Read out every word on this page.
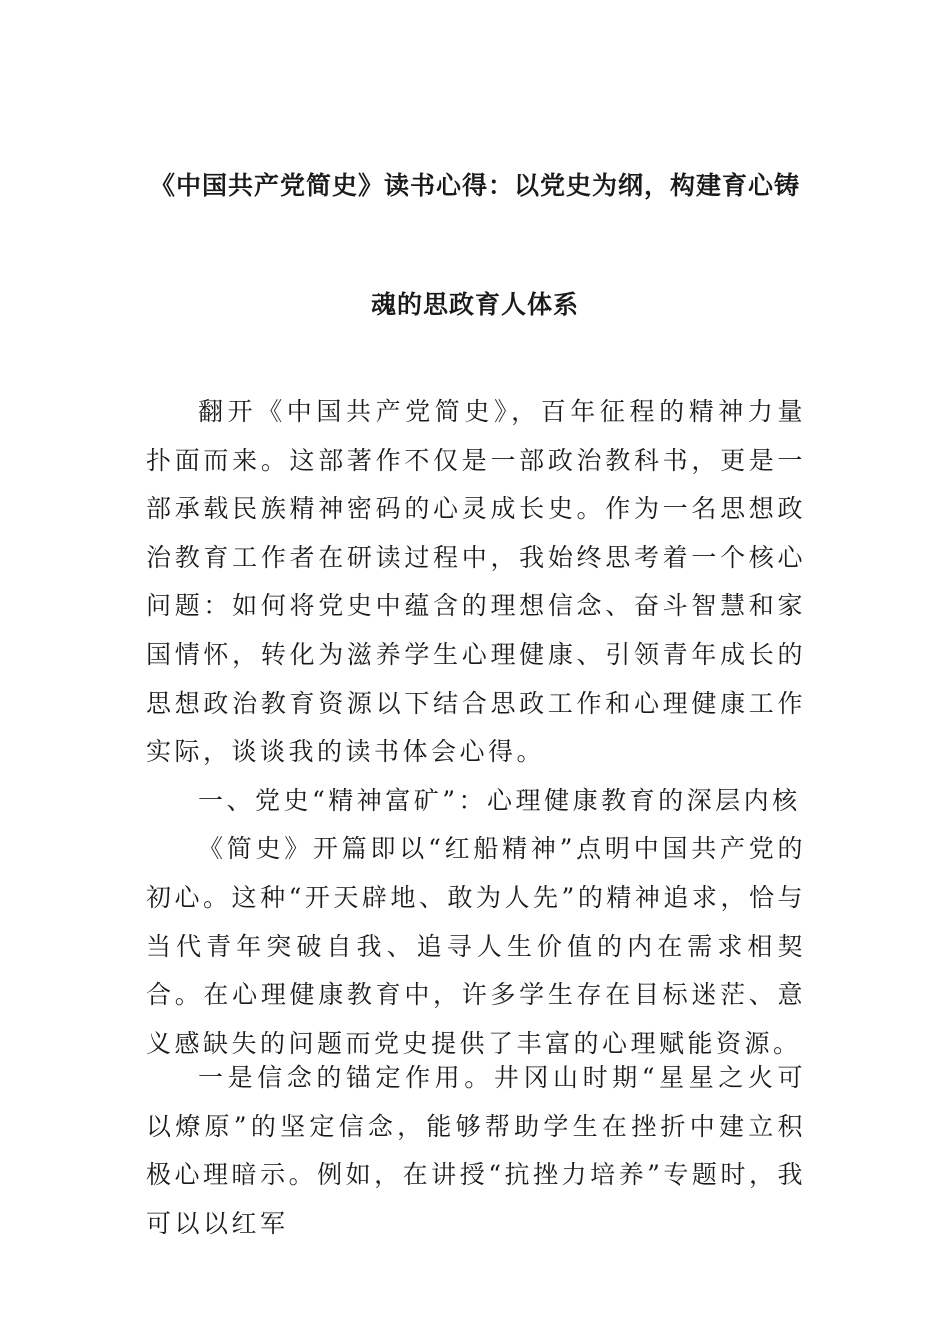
《中国共产党简史》读书心得：以党史为纲，构建育心铸
魂的思政育人体系

翻开《中国共产党简史》，百年征程的精神力量扑面而来。这部著作不仅是一部政治教科书，更是一部承载民族精神密码的心灵成长史。作为一名思想政治教育工作者在研读过程中，我始终思考着一个核心问题：如何将党史中蕴含的理想信念、奋斗智慧和家国情怀，转化为滋养学生心理健康、引领青年成长的思想政治教育资源以下结合思政工作和心理健康工作实际，谈谈我的读书体会心得。

一、党史“精神富矿”：心理健康教育的深层内核

《简史》开篇即以“红船精神”点明中国共产党的初心。这种“开天辟地、敢为人先”的精神追求，恰与当代青年突破自我、追寻人生价值的内在需求相契合。在心理健康教育中，许多学生存在目标迷茫、意义感缺失的问题而党史提供了丰富的心理赋能资源。

一是信念的锚定作用。井冈山时期“星星之火可以燎原”的坚定信念，能够帮助学生在挫折中建立积极心理暗示。例如，在讲授“抗挫力培养”专题时，我可以以红军
